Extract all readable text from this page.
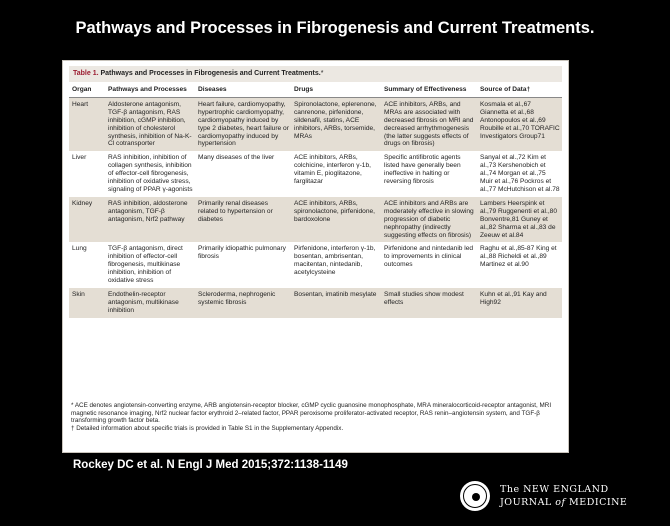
Pathways and Processes in Fibrogenesis and Current Treatments.
Table 1. Pathways and Processes in Fibrogenesis and Current Treatments.*
Organ	Pathways and Processes	Diseases	Drugs	Summary of Effectiveness	Source of Data†
Heart	Aldosterone antagonism, TGF-β antagonism, RAS inhibition, cGMP inhibition, inhibition of cholesterol synthesis, inhibition of Na-K-Cl cotransporter	Heart failure, cardiomyopathy, hypertrophic cardiomyopathy, cardiomyopathy induced by type 2 diabetes, heart failure or cardiomyopathy induced by hypertension	Spironolactone, eplerenone, canrenone, pirfenidone, sildenafil, statins, ACE inhibitors, ARBs, torsemide, MRAs	ACE inhibitors, ARBs, and MRAs are associated with decreased fibrosis on MRI and decreased arrhythmogenesis (the latter suggests effects of drugs on fibrosis)	Kosmala et al.,67 Giannetta et al.,68 Antonopoulos et al.,69 Roubille et al.,70 TORAFIC Investigators Group71
Liver	RAS inhibition, inhibition of collagen synthesis, inhibition of effector-cell fibrogenesis, inhibition of oxidative stress, signaling of PPAR γ-agonists	Many diseases of the liver	ACE inhibitors, ARBs, colchicine, interferon γ-1b, vitamin E, pioglitazone, farglitazar	Specific antifibrotic agents listed have generally been ineffective in halting or reversing fibrosis	Sanyal et al.,72 Kim et al.,73 Kershenobich et al.,74 Morgan et al.,75 Muir et al.,76 Pockros et al.,77 McHutchison et al.78
Kidney	RAS inhibition, aldosterone antagonism, TGF-β antagonism, Nrf2 pathway	Primarily renal diseases related to hypertension or diabetes	ACE inhibitors, ARBs, spironolactone, pirfenidone, bardoxolone	ACE inhibitors and ARBs are moderately effective in slowing progression of diabetic nephropathy (indirectly suggesting effects on fibrosis)	Lambers Heerspink et al.,79 Ruggenenti et al.,80 Bonventre,81 Guney et al.,82 Sharma et al.,83 de Zeeuw et al.84
Lung	TGF-β antagonism, direct inhibition of effector-cell fibrogenesis, multikinase inhibition, inhibition of oxidative stress	Primarily idiopathic pulmonary fibrosis	Pirfenidone, interferon γ-1b, bosentan, ambrisentan, macitentan, nintedanib, acetylcysteine	Pirfenidone and nintedanib led to improvements in clinical outcomes	Raghu et al.,85-87 King et al.,88 Richeldi et al.,89 Martinez et al.90
Skin	Endothelin-receptor antagonism, multikinase inhibition	Scleroderma, nephrogenic systemic fibrosis	Bosentan, imatinib mesylate	Small studies show modest effects	Kuhn et al.,91 Kay and High92
* ACE denotes angiotensin-converting enzyme, ARB angiotensin-receptor blocker, cGMP cyclic guanosine monophosphate, MRA mineralocorticoid-receptor antagonist, MRI magnetic resonance imaging, Nrf2 nuclear factor erythroid 2–related factor, PPAR peroxisome proliferator-activated receptor, RAS renin–angiotensin system, and TGF-β transforming growth factor beta.
† Detailed information about specific trials is provided in Table S1 in the Supplementary Appendix.
Rockey DC et al. N Engl J Med 2015;372:1138-1149
The NEW ENGLAND
JOURNAL of MEDICINE
